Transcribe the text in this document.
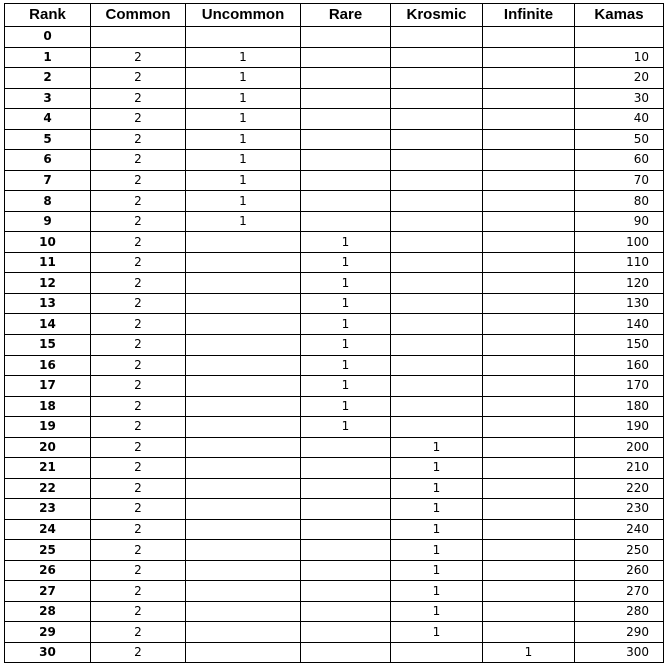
Rank	Common	Uncommon	Rare	Krosmic	Infinite	Kamas
0						
1	2	1				10
2	2	1				20
3	2	1				30
4	2	1				40
5	2	1				50
6	2	1				60
7	2	1				70
8	2	1				80
9	2	1				90
10	2		1			100
11	2		1			110
12	2		1			120
13	2		1			130
14	2		1			140
15	2		1			150
16	2		1			160
17	2		1			170
18	2		1			180
19	2		1			190
20	2			1		200
21	2			1		210
22	2			1		220
23	2			1		230
24	2			1		240
25	2			1		250
26	2			1		260
27	2			1		270
28	2			1		280
29	2			1		290
30	2				1	300
